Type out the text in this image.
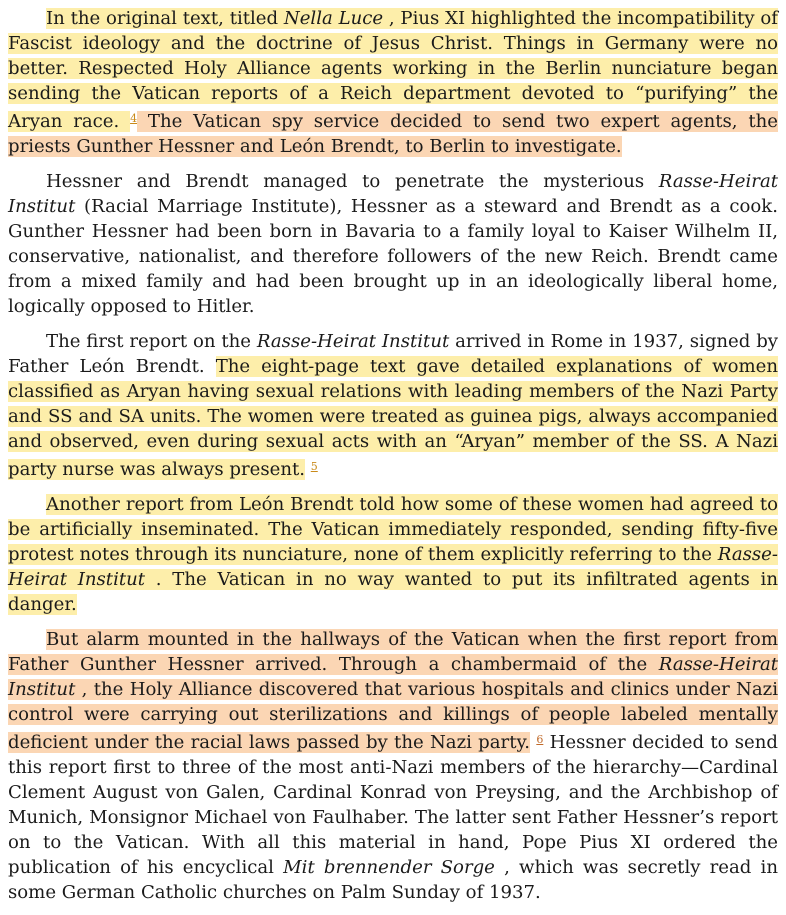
In the original text, titled Nella Luce , Pius XI highlighted the incompatibility of Fascist ideology and the doctrine of Jesus Christ. Things in Germany were no better. Respected Holy Alliance agents working in the Berlin nunciature began sending the Vatican reports of a Reich department devoted to “purifying” the Aryan race. $^4$ The Vatican spy service decided to send two expert agents, the priests Gunther Hessner and León Brendt, to Berlin to investigate.

Hessner and Brendt managed to penetrate the mysterious Rasse-Heirat Institut (Racial Marriage Institute), Hessner as a steward and Brendt as a cook. Gunther Hessner had been born in Bavaria to a family loyal to Kaiser Wilhelm II, conservative, nationalist, and therefore followers of the new Reich. Brendt came from a mixed family and had been brought up in an ideologically liberal home, logically opposed to Hitler.

The first report on the Rasse-Heirat Institut arrived in Rome in 1937, signed by Father León Brendt. The eight-page text gave detailed explanations of women classified as Aryan having sexual relations with leading members of the Nazi Party and SS and SA units. The women were treated as guinea pigs, always accompanied and observed, even during sexual acts with an “Aryan” member of the SS. A Nazi party nurse was always present. $^5$

Another report from León Brendt told how some of these women had agreed to be artificially inseminated. The Vatican immediately responded, sending fifty-five protest notes through its nunciature, none of them explicitly referring to the Rasse-Heirat Institut . The Vatican in no way wanted to put its infiltrated agents in danger.

But alarm mounted in the hallways of the Vatican when the first report from Father Gunther Hessner arrived. Through a chambermaid of the Rasse-Heirat Institut , the Holy Alliance discovered that various hospitals and clinics under Nazi control were carrying out sterilizations and killings of people labeled mentally deficient under the racial laws passed by the Nazi party. $^6$ Hessner decided to send this report first to three of the most anti-Nazi members of the hierarchy—Cardinal Clement August von Galen, Cardinal Konrad von Preysing, and the Archbishop of Munich, Monsignor Michael von Faulhaber. The latter sent Father Hessner’s report on to the Vatican. With all this material in hand, Pope Pius XI ordered the publication of his encyclical Mit brennender Sorge , which was secretly read in some German Catholic churches on Palm Sunday of 1937.
